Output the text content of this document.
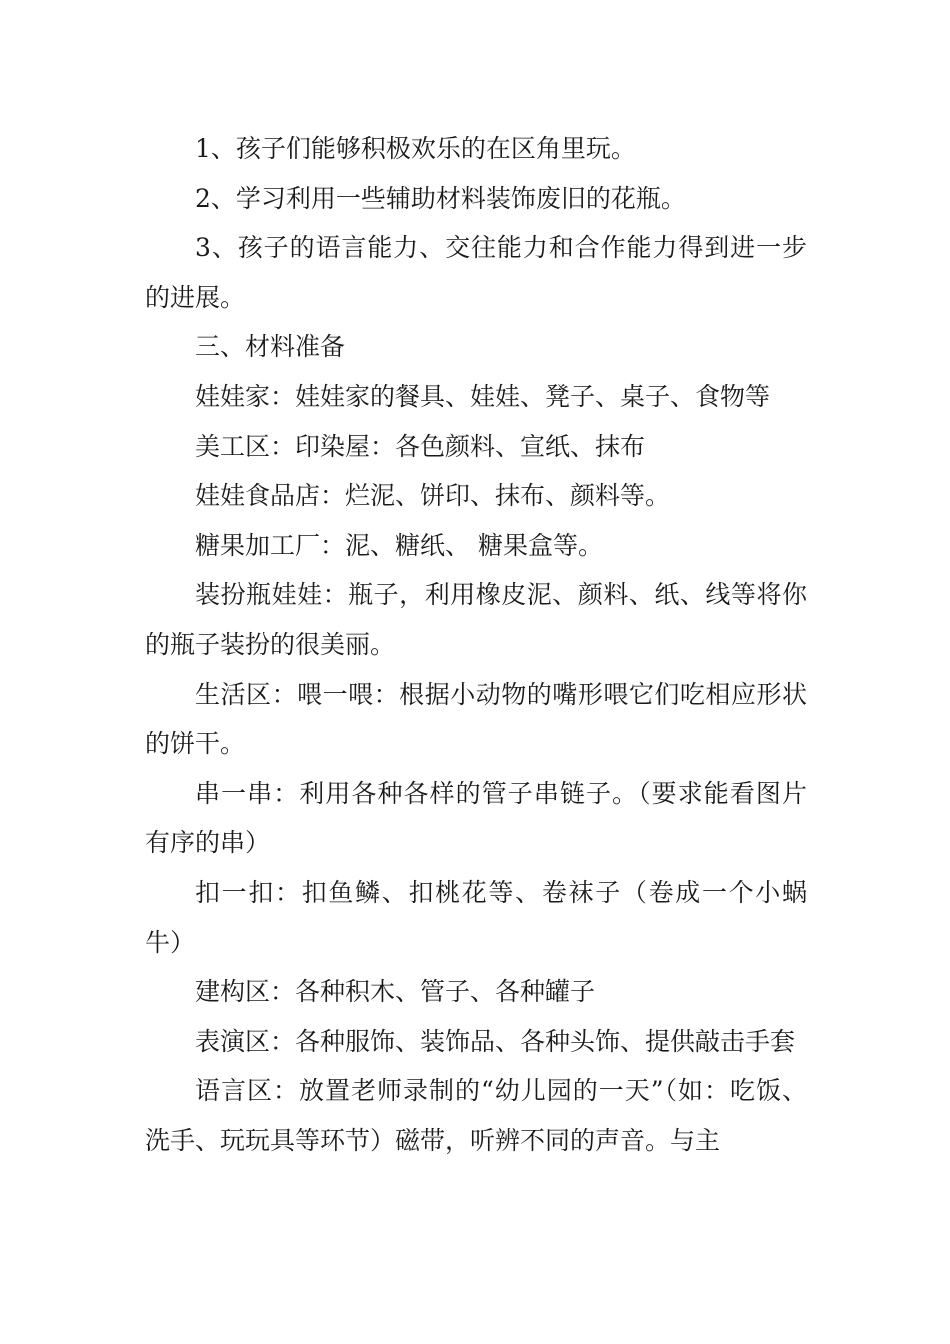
1、孩子们能够积极欢乐的在区角里玩。

2、学习利用一些辅助材料装饰废旧的花瓶。

3、孩子的语言能力、交往能力和合作能力得到进一步的进展。

三、材料准备

娃娃家：娃娃家的餐具、娃娃、凳子、桌子、食物等

美工区：印染屋：各色颜料、宣纸、抹布

娃娃食品店：烂泥、饼印、抹布、颜料等。

糖果加工厂：泥、糖纸、 糖果盒等。

装扮瓶娃娃：瓶子，利用橡皮泥、颜料、纸、线等将你的瓶子装扮的很美丽。

生活区：喂一喂：根据小动物的嘴形喂它们吃相应形状的饼干。

串一串：利用各种各样的管子串链子。（要求能看图片有序的串）

扣一扣：扣鱼鳞、扣桃花等、卷袜子（卷成一个小蜗牛）

建构区：各种积木、管子、各种罐子

表演区：各种服饰、装饰品、各种头饰、提供敲击手套

语言区：放置老师录制的“幼儿园的一天”（如：吃饭、洗手、玩玩具等环节）磁带，听辨不同的声音。与主
